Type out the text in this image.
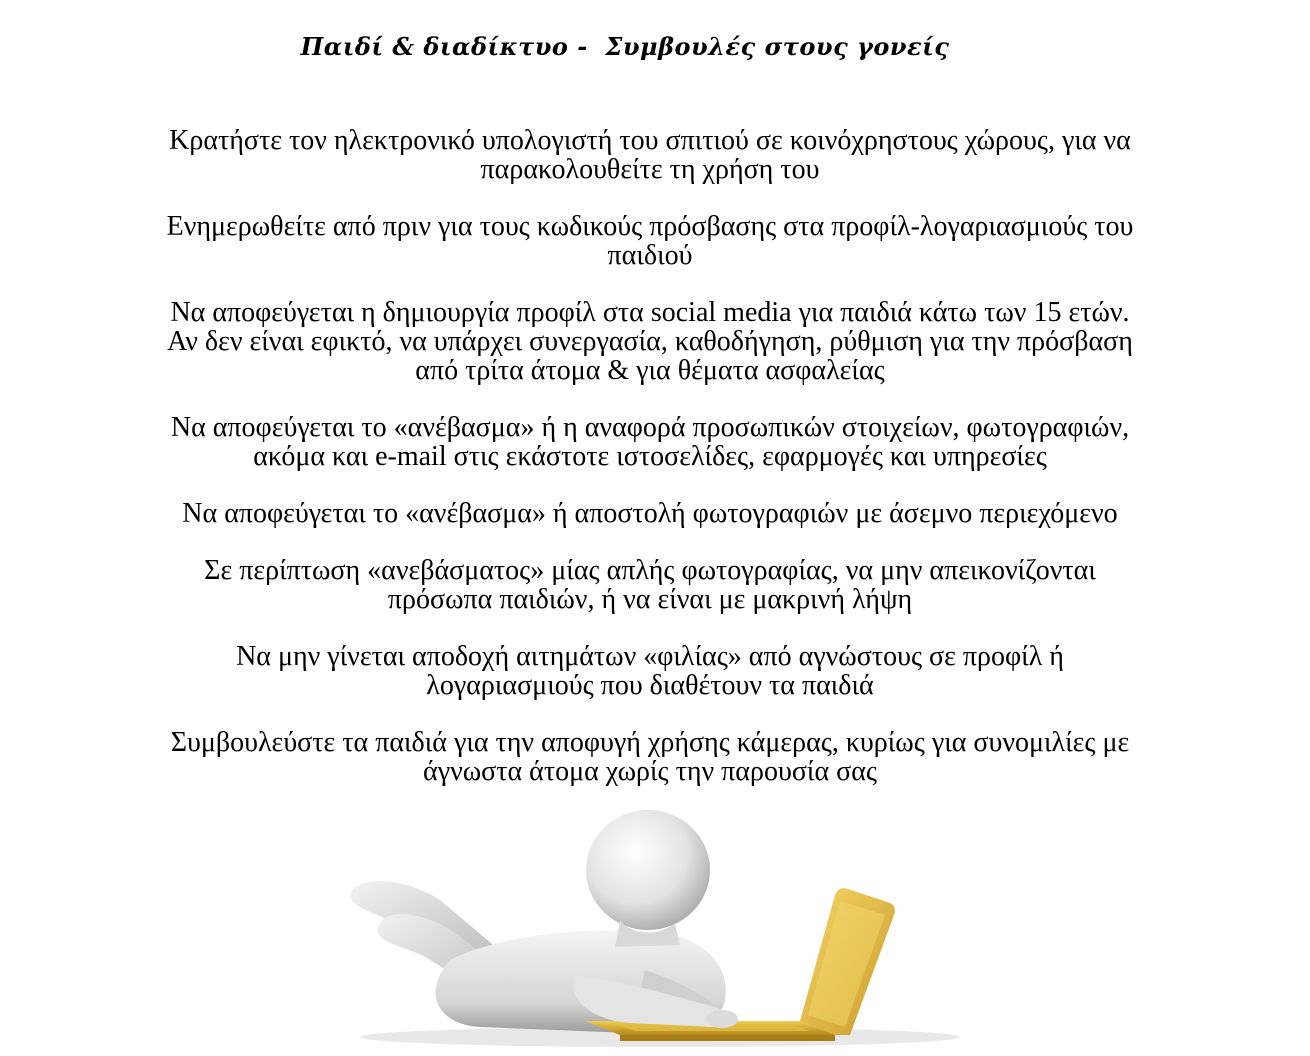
Παιδί & διαδίκτυο -  Συμβουλές στους γονείς
Κρατήστε τον ηλεκτρονικό υπολογιστή του σπιτιού σε κοινόχρηστους χώρους, για να
παρακολουθείτε τη χρήση του
Ενημερωθείτε από πριν για τους κωδικούς πρόσβασης στα προφίλ-λογαριασμιούς του
παιδιού
Να αποφεύγεται η δημιουργία προφίλ στα social media για παιδιά κάτω των 15 ετών.
Αν δεν είναι εφικτό, να υπάρχει συνεργασία, καθοδήγηση, ρύθμιση για την πρόσβαση
από τρίτα άτομα & για θέματα ασφαλείας
Να αποφεύγεται το «ανέβασμα» ή η αναφορά προσωπικών στοιχείων, φωτογραφιών,
ακόμα και e-mail στις εκάστοτε ιστοσελίδες, εφαρμογές και υπηρεσίες
Να αποφεύγεται το «ανέβασμα» ή αποστολή φωτογραφιών με άσεμνο περιεχόμενο
Σε περίπτωση «ανεβάσματος» μίας απλής φωτογραφίας, να μην απεικονίζονται
πρόσωπα παιδιών, ή να είναι με μακρινή λήψη
Να μην γίνεται αποδοχή αιτημάτων «φιλίας» από αγνώστους σε προφίλ ή
λογαριασμιούς που διαθέτουν τα παιδιά
Συμβουλεύστε τα παιδιά για την αποφυγή χρήσης κάμερας, κυρίως για συνομιλίες με
άγνωστα άτομα χωρίς την παρουσία σας
